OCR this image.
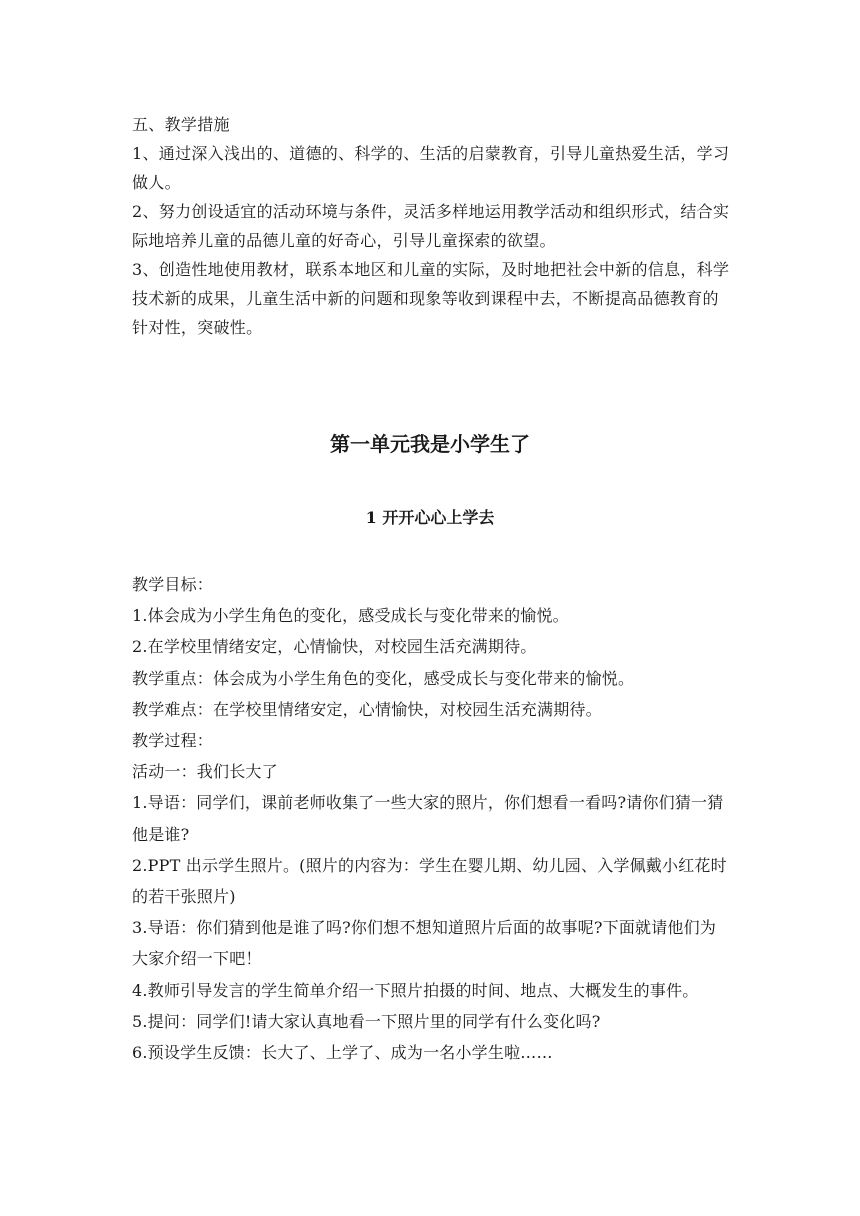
五、教学措施

1、通过深入浅出的、道德的、科学的、生活的启蒙教育，引导儿童热爱生活，学习做人。

2、努力创设适宜的活动环境与条件，灵活多样地运用教学活动和组织形式，结合实际地培养儿童的品德儿童的好奇心，引导儿童探索的欲望。

3、创造性地使用教材，联系本地区和儿童的实际，及时地把社会中新的信息，科学技术新的成果，儿童生活中新的问题和现象等收到课程中去，不断提高品德教育的针对性，突破性。

第一单元我是小学生了
1 开开心心上学去

教学目标：

1.体会成为小学生角色的变化，感受成长与变化带来的愉悦。

2.在学校里情绪安定，心情愉快，对校园生活充满期待。

教学重点：体会成为小学生角色的变化，感受成长与变化带来的愉悦。

教学难点：在学校里情绪安定，心情愉快，对校园生活充满期待。

教学过程：

活动一：我们长大了

1.导语：同学们，课前老师收集了一些大家的照片，你们想看一看吗?请你们猜一猜他是谁?

2.PPT 出示学生照片。(照片的内容为：学生在婴儿期、幼儿园、入学佩戴小红花时的若干张照片)

3.导语：你们猜到他是谁了吗?你们想不想知道照片后面的故事呢?下面就请他们为大家介绍一下吧！

4.教师引导发言的学生简单介绍一下照片拍摄的时间、地点、大概发生的事件。

5.提问：同学们!请大家认真地看一下照片里的同学有什么变化吗?

6.预设学生反馈：长大了、上学了、成为一名小学生啦……
